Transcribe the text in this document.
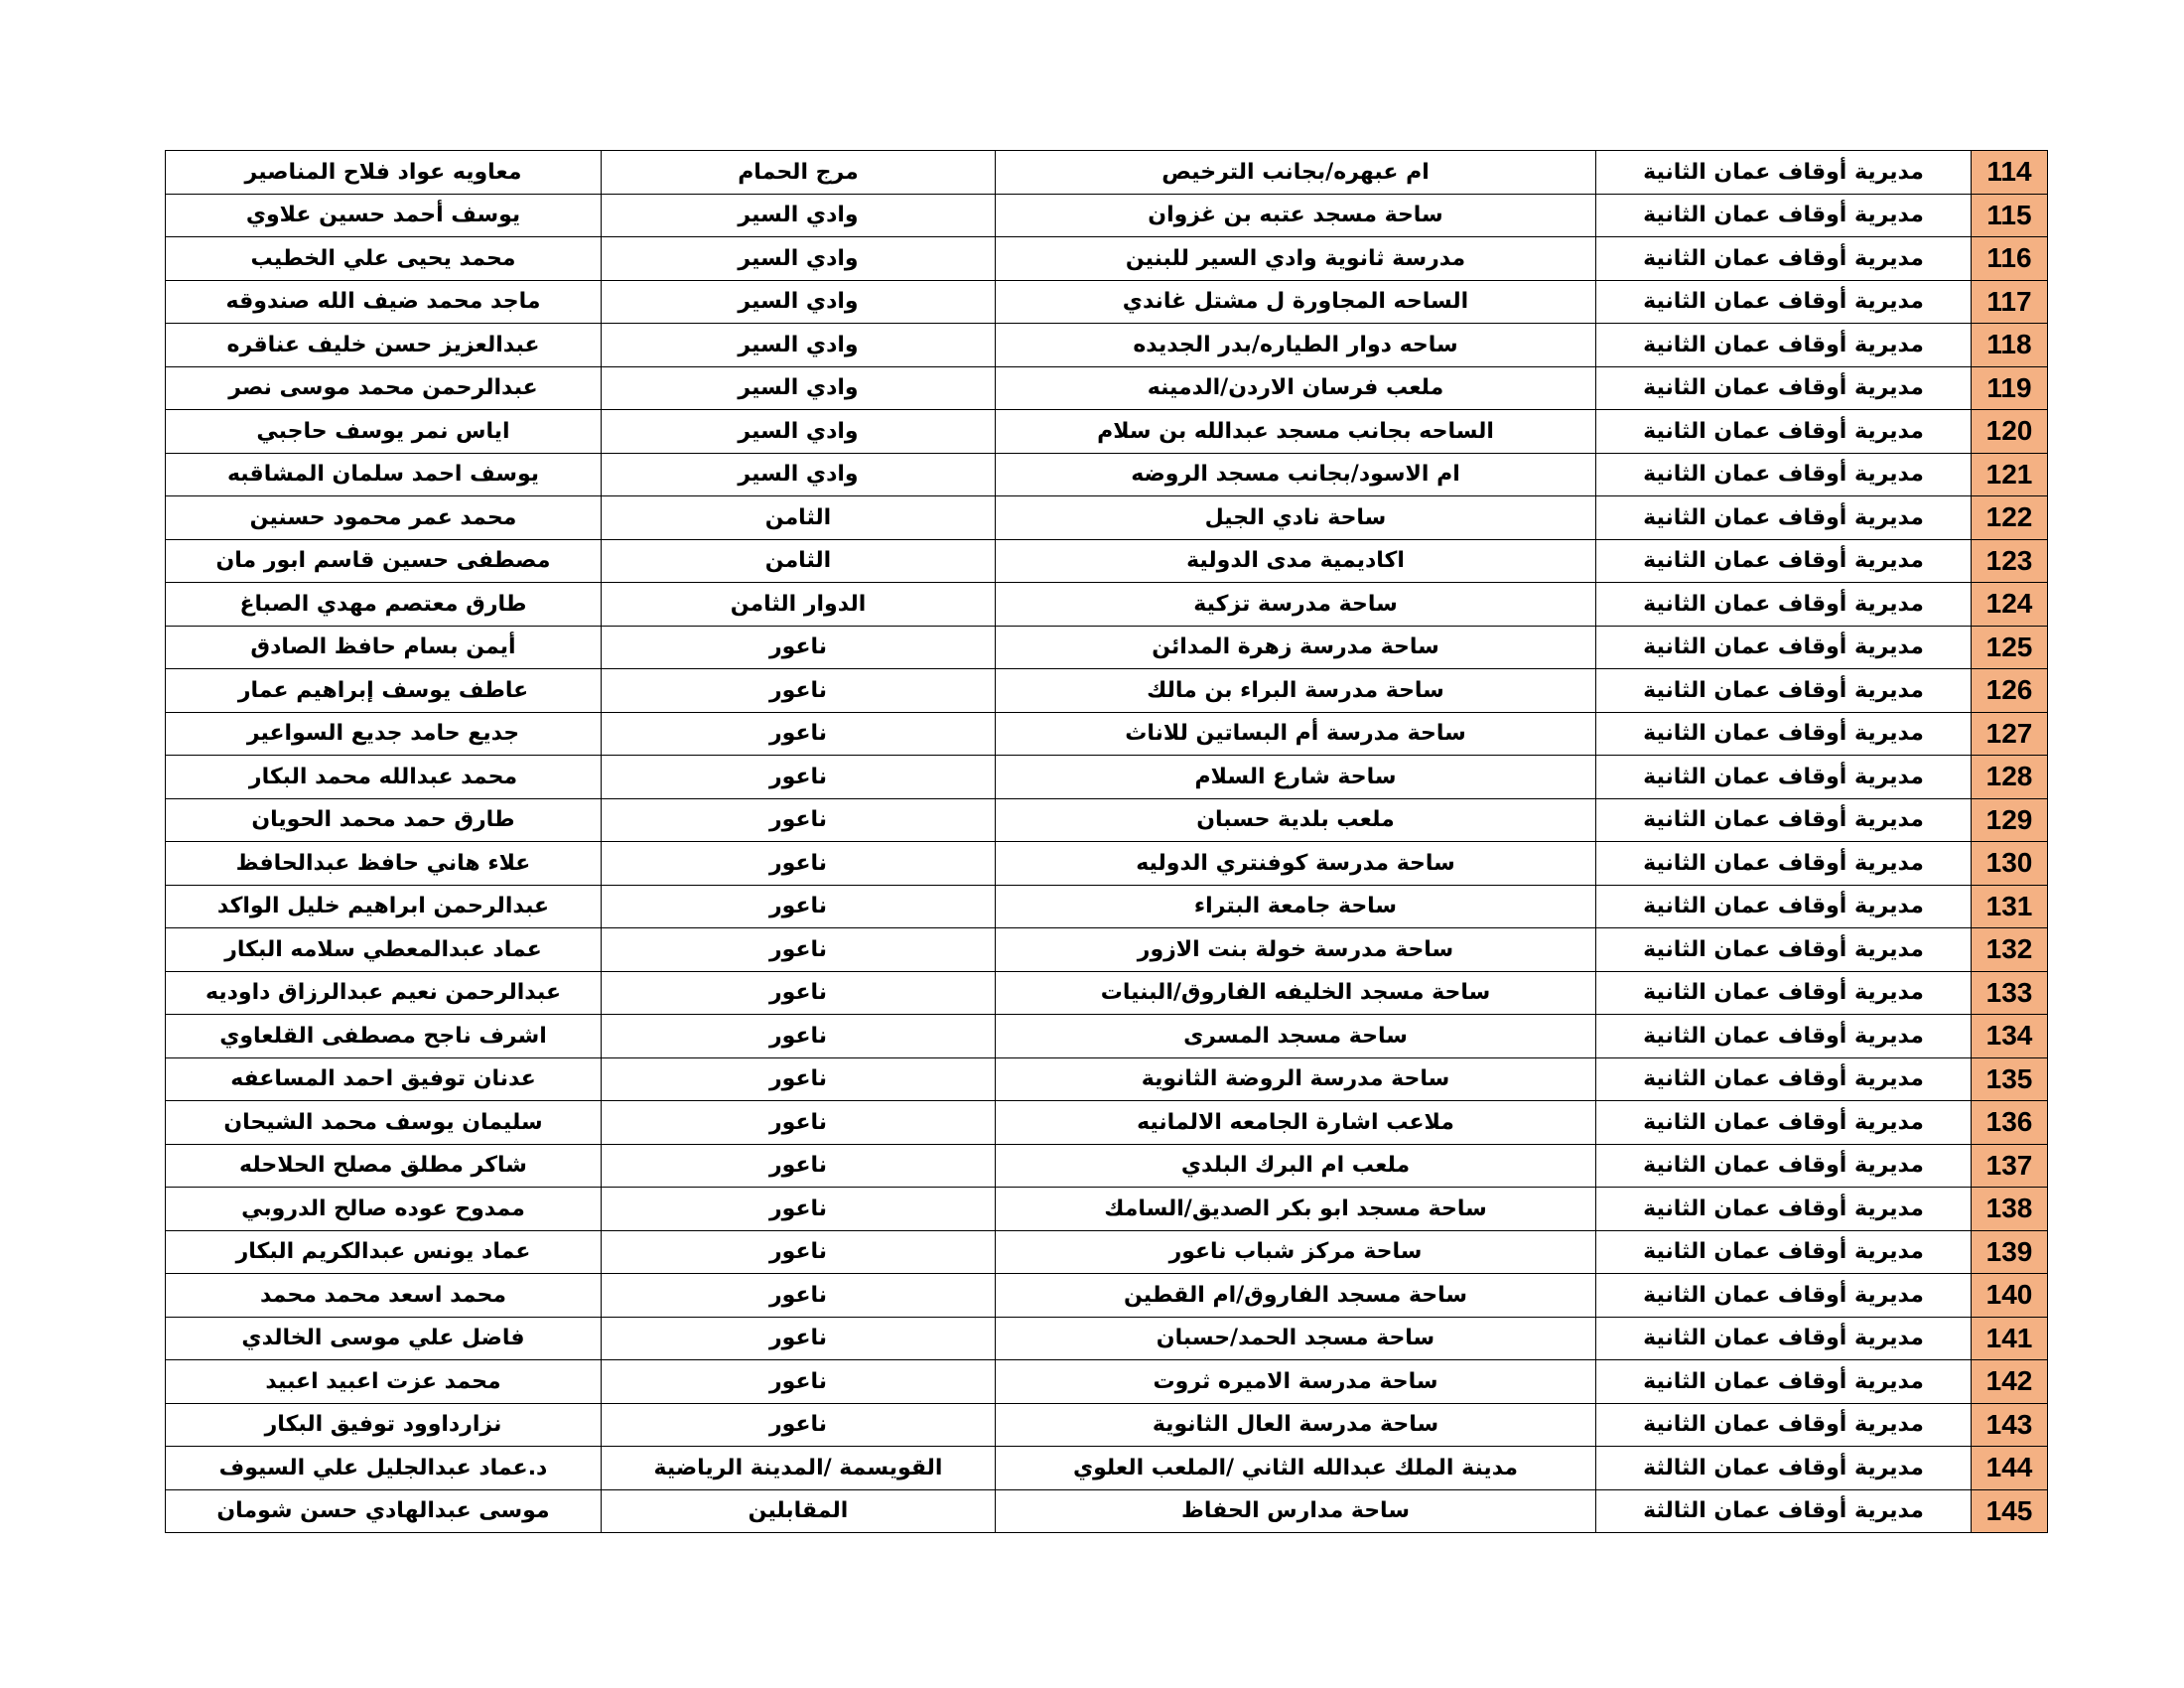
114	مديرية أوقاف عمان الثانية	ام عبهره/بجانب الترخيص	مرج الحمام	معاويه عواد فلاح المناصير
115	مديرية أوقاف عمان الثانية	ساحة مسجد عتبه بن غزوان	وادي السير	يوسف أحمد حسين علاوي
116	مديرية أوقاف عمان الثانية	مدرسة ثانوية وادي السير للبنين	وادي السير	محمد يحيى علي الخطيب
117	مديرية أوقاف عمان الثانية	الساحه المجاورة ل مشتل غاندي	وادي السير	ماجد محمد ضيف الله صندوقه
118	مديرية أوقاف عمان الثانية	ساحه دوار الطياره/بدر الجديده	وادي السير	عبدالعزيز حسن خليف عناقره
119	مديرية أوقاف عمان الثانية	ملعب فرسان الاردن/الدمينه	وادي السير	عبدالرحمن محمد موسى نصر
120	مديرية أوقاف عمان الثانية	الساحه بجانب مسجد عبدالله بن سلام	وادي السير	اياس نمر يوسف حاجبي
121	مديرية أوقاف عمان الثانية	ام الاسود/بجانب مسجد الروضه	وادي السير	يوسف احمد سلمان المشاقبه
122	مديرية أوقاف عمان الثانية	ساحة نادي الجيل	الثامن	محمد عمر محمود حسنين
123	مديرية أوقاف عمان الثانية	اكاديمية مدى الدولية	الثامن	مصطفى حسين قاسم ابور مان
124	مديرية أوقاف عمان الثانية	ساحة مدرسة تزكية	الدوار الثامن	طارق معتصم مهدي الصباغ
125	مديرية أوقاف عمان الثانية	ساحة مدرسة زهرة المدائن	ناعور	أيمن بسام حافظ الصادق
126	مديرية أوقاف عمان الثانية	ساحة مدرسة البراء بن مالك	ناعور	عاطف يوسف إبراهيم عمار
127	مديرية أوقاف عمان الثانية	ساحة مدرسة أم البساتين للاناث	ناعور	جديع حامد جديع السواعير
128	مديرية أوقاف عمان الثانية	ساحة شارع السلام	ناعور	محمد عبدالله محمد البكار
129	مديرية أوقاف عمان الثانية	ملعب بلدية حسبان	ناعور	طارق حمد محمد الحويان
130	مديرية أوقاف عمان الثانية	ساحة مدرسة كوفنتري الدوليه	ناعور	علاء هاني حافظ عبدالحافظ
131	مديرية أوقاف عمان الثانية	ساحة جامعة البتراء	ناعور	عبدالرحمن ابراهيم خليل الواكد
132	مديرية أوقاف عمان الثانية	ساحة مدرسة خولة بنت الازور	ناعور	عماد عبدالمعطي سلامه البكار
133	مديرية أوقاف عمان الثانية	ساحة مسجد الخليفه الفاروق/البنيات	ناعور	عبدالرحمن نعيم عبدالرزاق داوديه
134	مديرية أوقاف عمان الثانية	ساحة مسجد المسرى	ناعور	اشرف ناجح مصطفى القلعاوي
135	مديرية أوقاف عمان الثانية	ساحة مدرسة الروضة الثانوية	ناعور	عدنان توفيق احمد المساعفه
136	مديرية أوقاف عمان الثانية	ملاعب اشارة الجامعه الالمانيه	ناعور	سليمان يوسف محمد الشيحان
137	مديرية أوقاف عمان الثانية	ملعب ام البرك البلدي	ناعور	شاكر مطلق مصلح الحلاحله
138	مديرية أوقاف عمان الثانية	ساحة مسجد ابو بكر الصديق/السامك	ناعور	ممدوح عوده صالح الدروبي
139	مديرية أوقاف عمان الثانية	ساحة مركز شباب ناعور	ناعور	عماد يونس عبدالكريم البكار
140	مديرية أوقاف عمان الثانية	ساحة مسجد الفاروق/ام القطين	ناعور	محمد اسعد محمد محمد
141	مديرية أوقاف عمان الثانية	ساحة مسجد الحمد/حسبان	ناعور	فاضل علي موسى الخالدي
142	مديرية أوقاف عمان الثانية	ساحة مدرسة الاميره ثروت	ناعور	محمد عزت اعبيد اعبيد
143	مديرية أوقاف عمان الثانية	ساحة مدرسة العال الثانوية	ناعور	نزارداوود توفيق البكار
144	مديرية أوقاف عمان الثالثة	مدينة الملك عبدالله الثاني /الملعب العلوي	القويسمة /المدينة الرياضية	د.عماد عبدالجليل علي السيوف
145	مديرية أوقاف عمان الثالثة	ساحة مدارس الحفاظ	المقابلين	موسى عبدالهادي حسن شومان
